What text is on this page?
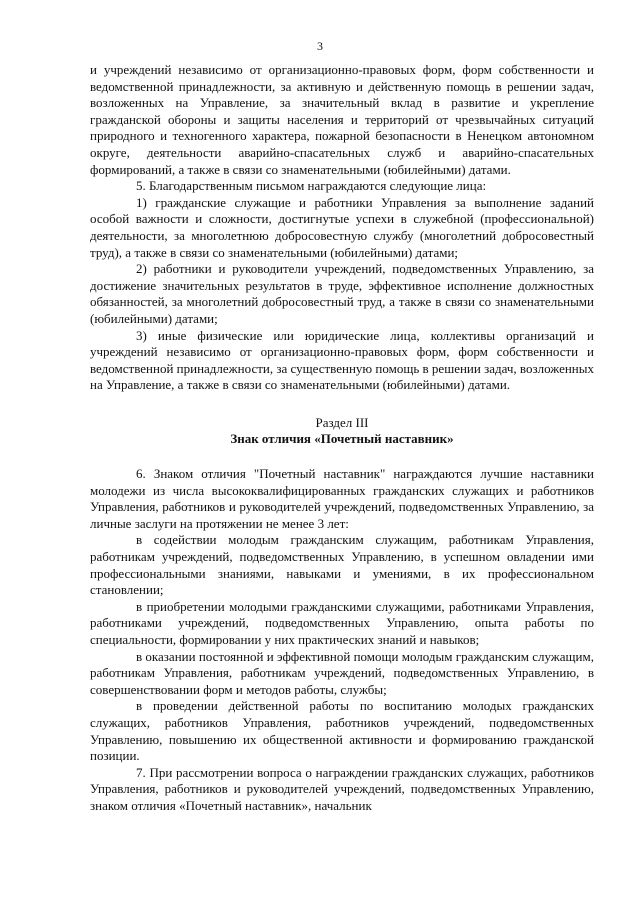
3

и учреждений независимо от организационно-правовых форм, форм собственности и ведомственной принадлежности, за активную и действенную помощь в решении задач, возложенных на Управление, за значительный вклад в развитие и укрепление гражданской обороны и защиты населения и территорий от чрезвычайных ситуаций природного и техногенного характера, пожарной безопасности в Ненецком автономном округе, деятельности аварийно-спасательных служб и аварийно-спасательных формирований, а также в связи со знаменательными (юбилейными) датами.

5. Благодарственным письмом награждаются следующие лица:

1) гражданские служащие и работники Управления за выполнение заданий особой важности и сложности, достигнутые успехи в служебной (профессиональной) деятельности, за многолетнюю добросовестную службу (многолетний добросовестный труд), а также в связи со знаменательными (юбилейными) датами;

2) работники и руководители учреждений, подведомственных Управлению, за достижение значительных результатов в труде, эффективное исполнение должностных обязанностей, за многолетний добросовестный труд, а также в связи со знаменательными (юбилейными) датами;

3) иные физические или юридические лица, коллективы организаций и учреждений независимо от организационно-правовых форм, форм собственности и ведомственной принадлежности, за существенную помощь в решении задач, возложенных на Управление, а также в связи со знаменательными (юбилейными) датами.

Раздел III

Знак отличия «Почетный наставник»

6. Знаком отличия "Почетный наставник" награждаются лучшие наставники молодежи из числа высококвалифицированных гражданских служащих и работников Управления, работников и руководителей учреждений, подведомственных Управлению, за личные заслуги на протяжении не менее 3 лет:

в содействии молодым гражданским служащим, работникам Управления, работникам учреждений, подведомственных Управлению, в успешном овладении ими профессиональными знаниями, навыками и умениями, в их профессиональном становлении;

в приобретении молодыми гражданскими служащими, работниками Управления, работниками учреждений, подведомственных Управлению, опыта работы по специальности, формировании у них практических знаний и навыков;

в оказании постоянной и эффективной помощи молодым гражданским служащим, работникам Управления, работникам учреждений, подведомственных Управлению, в совершенствовании форм и методов работы, службы;

в проведении действенной работы по воспитанию молодых гражданских служащих, работников Управления, работников учреждений, подведомственных Управлению, повышению их общественной активности и формированию гражданской позиции.

7. При рассмотрении вопроса о награждении гражданских служащих, работников Управления, работников и руководителей учреждений, подведомственных Управлению, знаком отличия «Почетный наставник», начальник
